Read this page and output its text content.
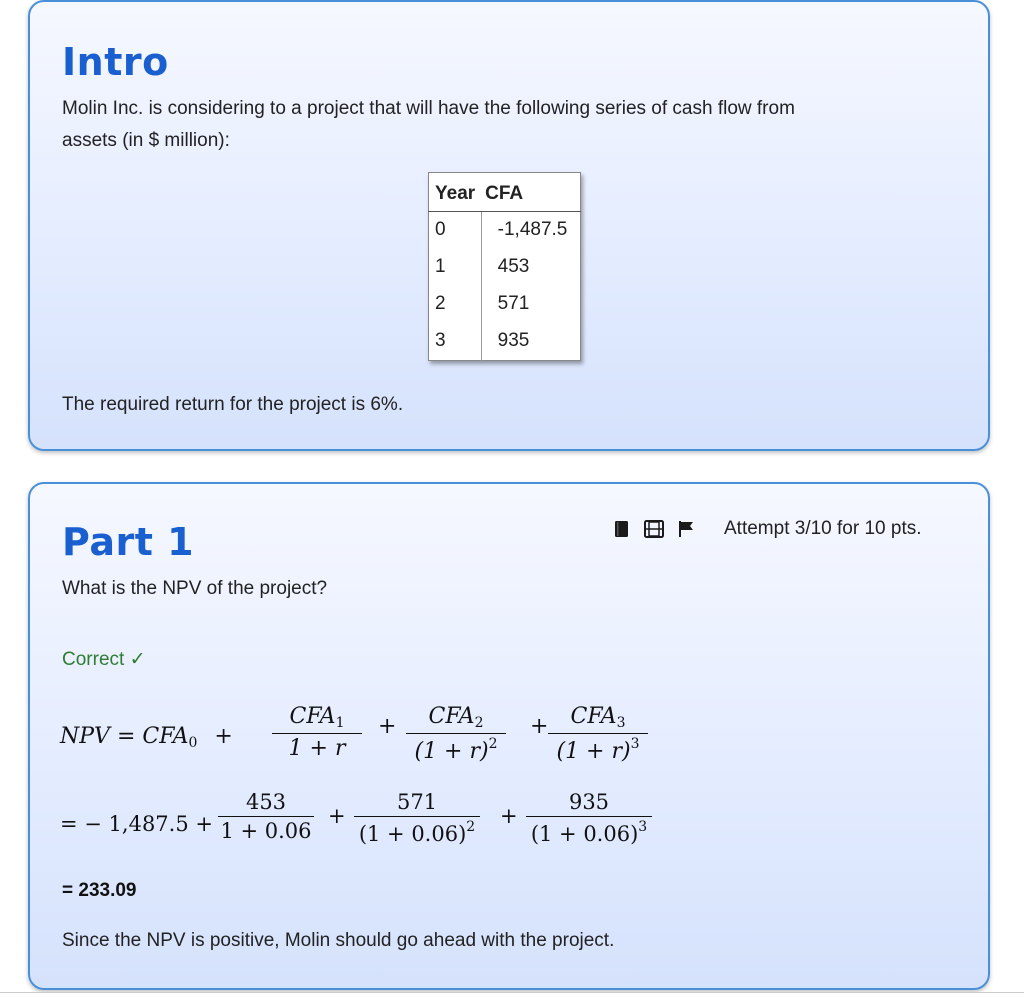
Intro

Molin Inc. is considering to a project that will have the following series of cash flow from

assets (in $ million):

Year	CFA
0	-1,487.5
1	453
2	571
3	935

The required return for the project is 6%.

Part 1	Attempt 3/10 for 10 pts.

What is the NPV of the project?

Correct ✓
NPV = $CFA_0$ +
$CFA_1$
1 + r
+	$CFA_2$
$(1 + r)^2$
+	$CFA_3$
$(1 + r)^3$
= − 1,487.5 +
453
1 + 0.06
+
571
$(1 + 0.06)^2$ +
935
$(1 + 0.06)^3$
= 233.09

Since the NPV is positive, Molin should go ahead with the project.
